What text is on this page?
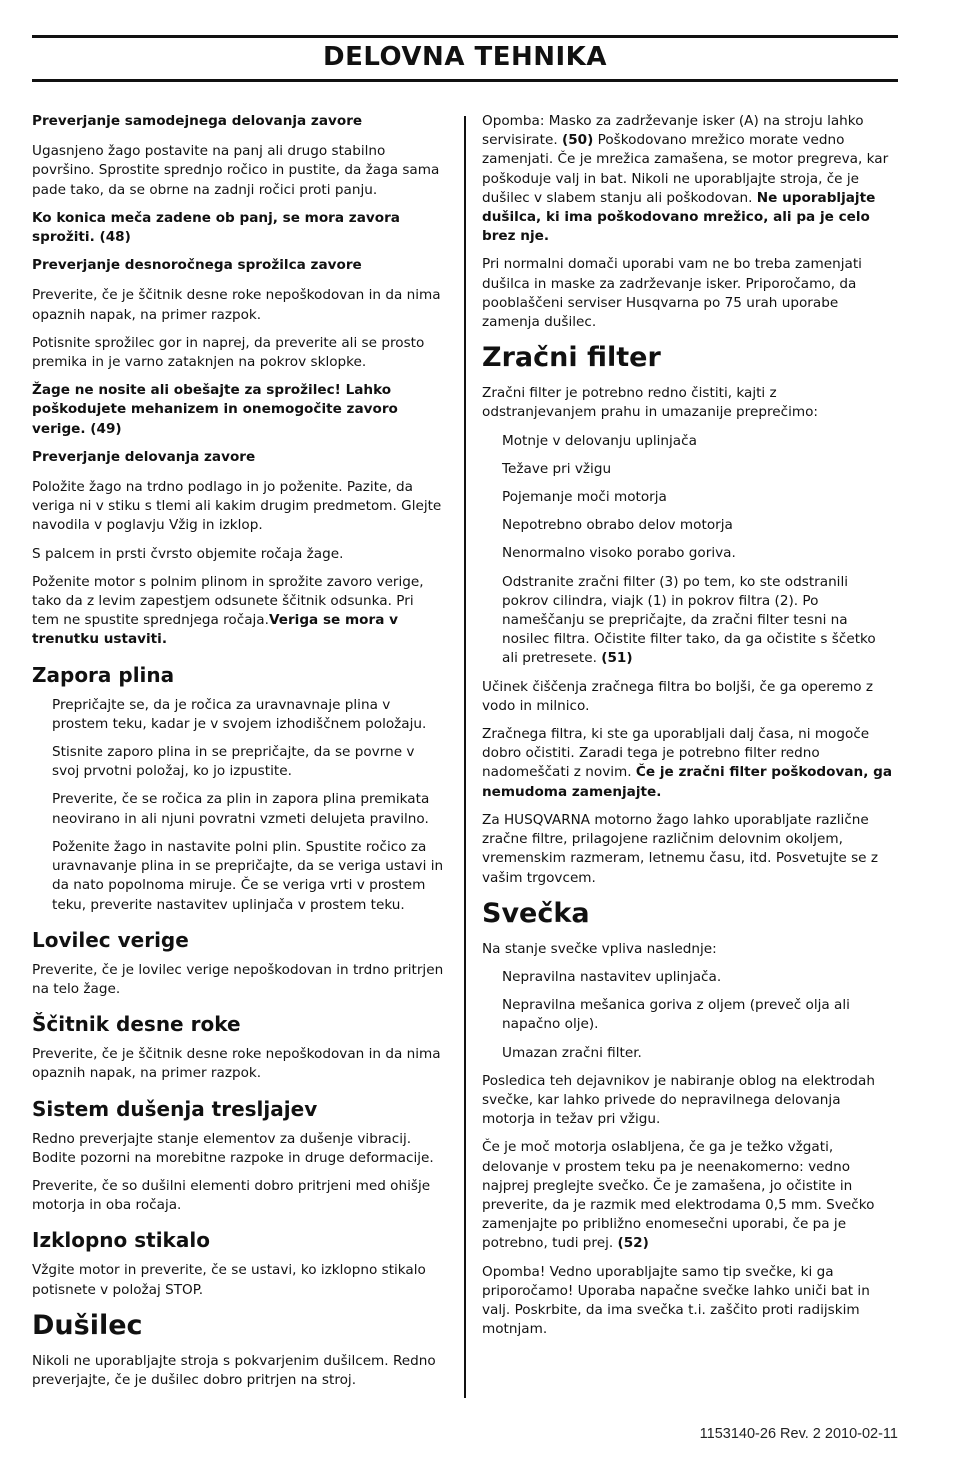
DELOVNA TEHNIKA

Preverjanje samodejnega delovanja zavore

Ugasnjeno žago postavite na panj ali drugo stabilno površino. Sprostite sprednjo ročico in pustite, da žaga sama pade tako, da se obrne na zadnji ročici proti panju.

Ko konica meča zadene ob panj, se mora zavora sprožiti. (48)

Preverjanje desnoročnega sprožilca zavore

Preverite, če je ščitnik desne roke nepoškodovan in da nima opaznih napak, na primer razpok.

Potisnite sprožilec gor in naprej, da preverite ali se prosto premika in je varno zataknjen na pokrov sklopke.

Žage ne nosite ali obešajte za sprožilec! Lahko poškodujete mehanizem in onemogočite zavoro verige. (49)

Preverjanje delovanja zavore

Položite žago na trdno podlago in jo poženite. Pazite, da veriga ni v stiku s tlemi ali kakim drugim predmetom. Glejte navodila v poglavju Vžig in izklop.

S palcem in prsti čvrsto objemite ročaja žage.

Poženite motor s polnim plinom in sprožite zavoro verige, tako da z levim zapestjem odsunete ščitnik odsunka. Pri tem ne spustite sprednjega ročaja.Veriga se mora v trenutku ustaviti.

Zapora plina

Prepričajte se, da je ročica za uravnavnaje plina v prostem teku, kadar je v svojem izhodiščnem položaju.

Stisnite zaporo plina in se prepričajte, da se povrne v svoj prvotni položaj, ko jo izpustite.

Preverite, če se ročica za plin in zapora plina premikata neovirano in ali njuni povratni vzmeti delujeta pravilno.

Poženite žago in nastavite polni plin. Spustite ročico za uravnavanje plina in se prepričajte, da se veriga ustavi in da nato popolnoma miruje. Če se veriga vrti v prostem teku, preverite nastavitev uplinjača v prostem teku.

Lovilec verige

Preverite, če je lovilec verige nepoškodovan in trdno pritrjen na telo žage.

Ščitnik desne roke

Preverite, če je ščitnik desne roke nepoškodovan in da nima opaznih napak, na primer razpok.

Sistem dušenja tresljajev

Redno preverjajte stanje elementov za dušenje vibracij. Bodite pozorni na morebitne razpoke in druge deformacije.

Preverite, če so dušilni elementi dobro pritrjeni med ohišje motorja in oba ročaja.

Izklopno stikalo

Vžgite motor in preverite, če se ustavi, ko izklopno stikalo potisnete v položaj STOP.

Dušilec

Nikoli ne uporabljajte stroja s pokvarjenim dušilcem. Redno preverjajte, če je dušilec dobro pritrjen na stroj.

Opomba: Masko za zadrževanje isker (A) na stroju lahko servisirate. (50) Poškodovano mrežico morate vedno zamenjati. Če je mrežica zamašena, se motor pregreva, kar poškoduje valj in bat. Nikoli ne uporabljajte stroja, če je dušilec v slabem stanju ali poškodovan. Ne uporabljajte dušilca, ki ima poškodovano mrežico, ali pa je celo brez nje.

Pri normalni domači uporabi vam ne bo treba zamenjati dušilca in maske za zadrževanje isker. Priporočamo, da pooblaščeni serviser Husqvarna po 75 urah uporabe zamenja dušilec.

Zračni filter

Zračni filter je potrebno redno čistiti, kajti z odstranjevanjem prahu in umazanije preprečimo:

Motnje v delovanju uplinjača

Težave pri vžigu

Pojemanje moči motorja

Nepotrebno obrabo delov motorja

Nenormalno visoko porabo goriva.

Odstranite zračni filter (3) po tem, ko ste odstranili pokrov cilindra, viajk (1) in pokrov filtra (2). Po nameščanju se prepričajte, da zračni filter tesni na nosilec filtra. Očistite filter tako, da ga očistite s ščetko ali pretresete. (51)

Učinek čiščenja zračnega filtra bo boljši, če ga operemo z vodo in milnico.

Zračnega filtra, ki ste ga uporabljali dalj časa, ni mogoče dobro očistiti. Zaradi tega je potrebno filter redno nadomeščati z novim. Če je zračni filter poškodovan, ga nemudoma zamenjajte.

Za HUSQVARNA motorno žago lahko uporabljate različne zračne filtre, prilagojene različnim delovnim okoljem, vremenskim razmeram, letnemu času, itd. Posvetujte se z vašim trgovcem.

Svečka

Na stanje svečke vpliva naslednje:

Nepravilna nastavitev uplinjača.

Nepravilna mešanica goriva z oljem (preveč olja ali napačno olje).

Umazan zračni filter.

Posledica teh dejavnikov je nabiranje oblog na elektrodah svečke, kar lahko privede do nepravilnega delovanja motorja in težav pri vžigu.

Če je moč motorja oslabljena, če ga je težko vžgati, delovanje v prostem teku pa je neenakomerno: vedno najprej preglejte svečko. Če je zamašena, jo očistite in preverite, da je razmik med elektrodama 0,5 mm. Svečko zamenjajte po približno enomesečni uporabi, če pa je potrebno, tudi prej. (52)

Opomba! Vedno uporabljajte samo tip svečke, ki ga priporočamo! Uporaba napačne svečke lahko uniči bat in valj. Poskrbite, da ima svečka t.i. zaščito proti radijskim motnjam.

1153140-26 Rev. 2 2010-02-11
